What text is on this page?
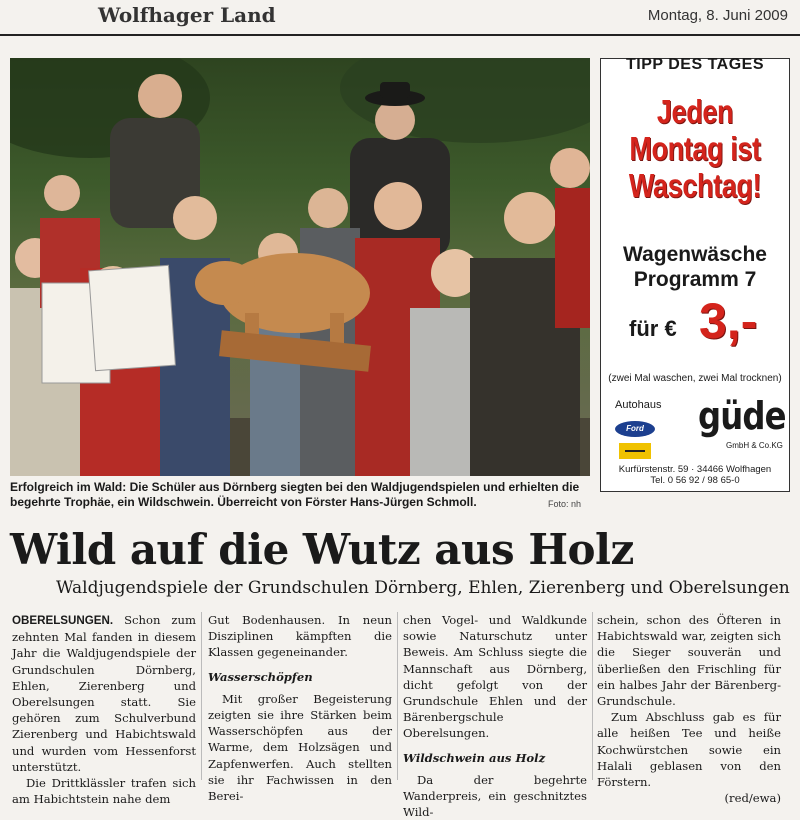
Wolfhager Land	Montag, 8. Juni 2009
Erfolgreich im Wald: Die Schüler aus Dörnberg siegten bei den Waldjugendspielen und erhielten die begehrte Trophäe, ein Wildschwein. Überreicht von Förster Hans-Jürgen Schmoll.	Foto: nh
TIPP DES TAGES
Jeden
Montag ist
Waschtag!
Wagenwäsche
Programm 7
für € 3,-
(zwei Mal waschen, zwei Mal trocknen)
Autohaus güde
GmbH & Co.KG
Ford
Kurfürstenstr. 59 · 34466 Wolfhagen
Tel. 0 56 92 / 98 65-0
Wild auf die Wutz aus Holz
Waldjugendspiele der Grundschulen Dörnberg, Ehlen, Zierenberg und Oberelsungen

OBERELSUNGEN. Schon zum zehnten Mal fanden in diesem Jahr die Waldjugendspiele der Grundschulen Dörnberg, Ehlen, Zierenberg und Oberelsungen statt. Sie gehören zum Schulverbund Zierenberg und Habichtswald und wurden vom Hessenforst unterstützt.

Die Drittklässler trafen sich am Habichtstein nahe dem

Gut Bodenhausen. In neun Disziplinen kämpften die Klassen gegeneinander.

Wasserschöpfen

Mit großer Begeisterung zeigten sie ihre Stärken beim Wasserschöpfen aus der Warme, dem Holzsägen und Zapfenwerfen. Auch stellten sie ihr Fachwissen in den Berei-

chen Vogel- und Waldkunde sowie Naturschutz unter Beweis. Am Schluss siegte die Mannschaft aus Dörnberg, dicht gefolgt von der Grundschule Ehlen und der Bärenbergschule Oberelsungen.

Wildschwein aus Holz

Da der begehrte Wanderpreis, ein geschnitztes Wild-

schein, schon des Öfteren in Habichtswald war, zeigten sich die Sieger souverän und überließen den Frischling für ein halbes Jahr der Bärenberg-Grundschule.

Zum Abschluss gab es für alle heißen Tee und heiße Kochwürstchen sowie ein Halali geblasen von den Förstern.

(red/ewa)
